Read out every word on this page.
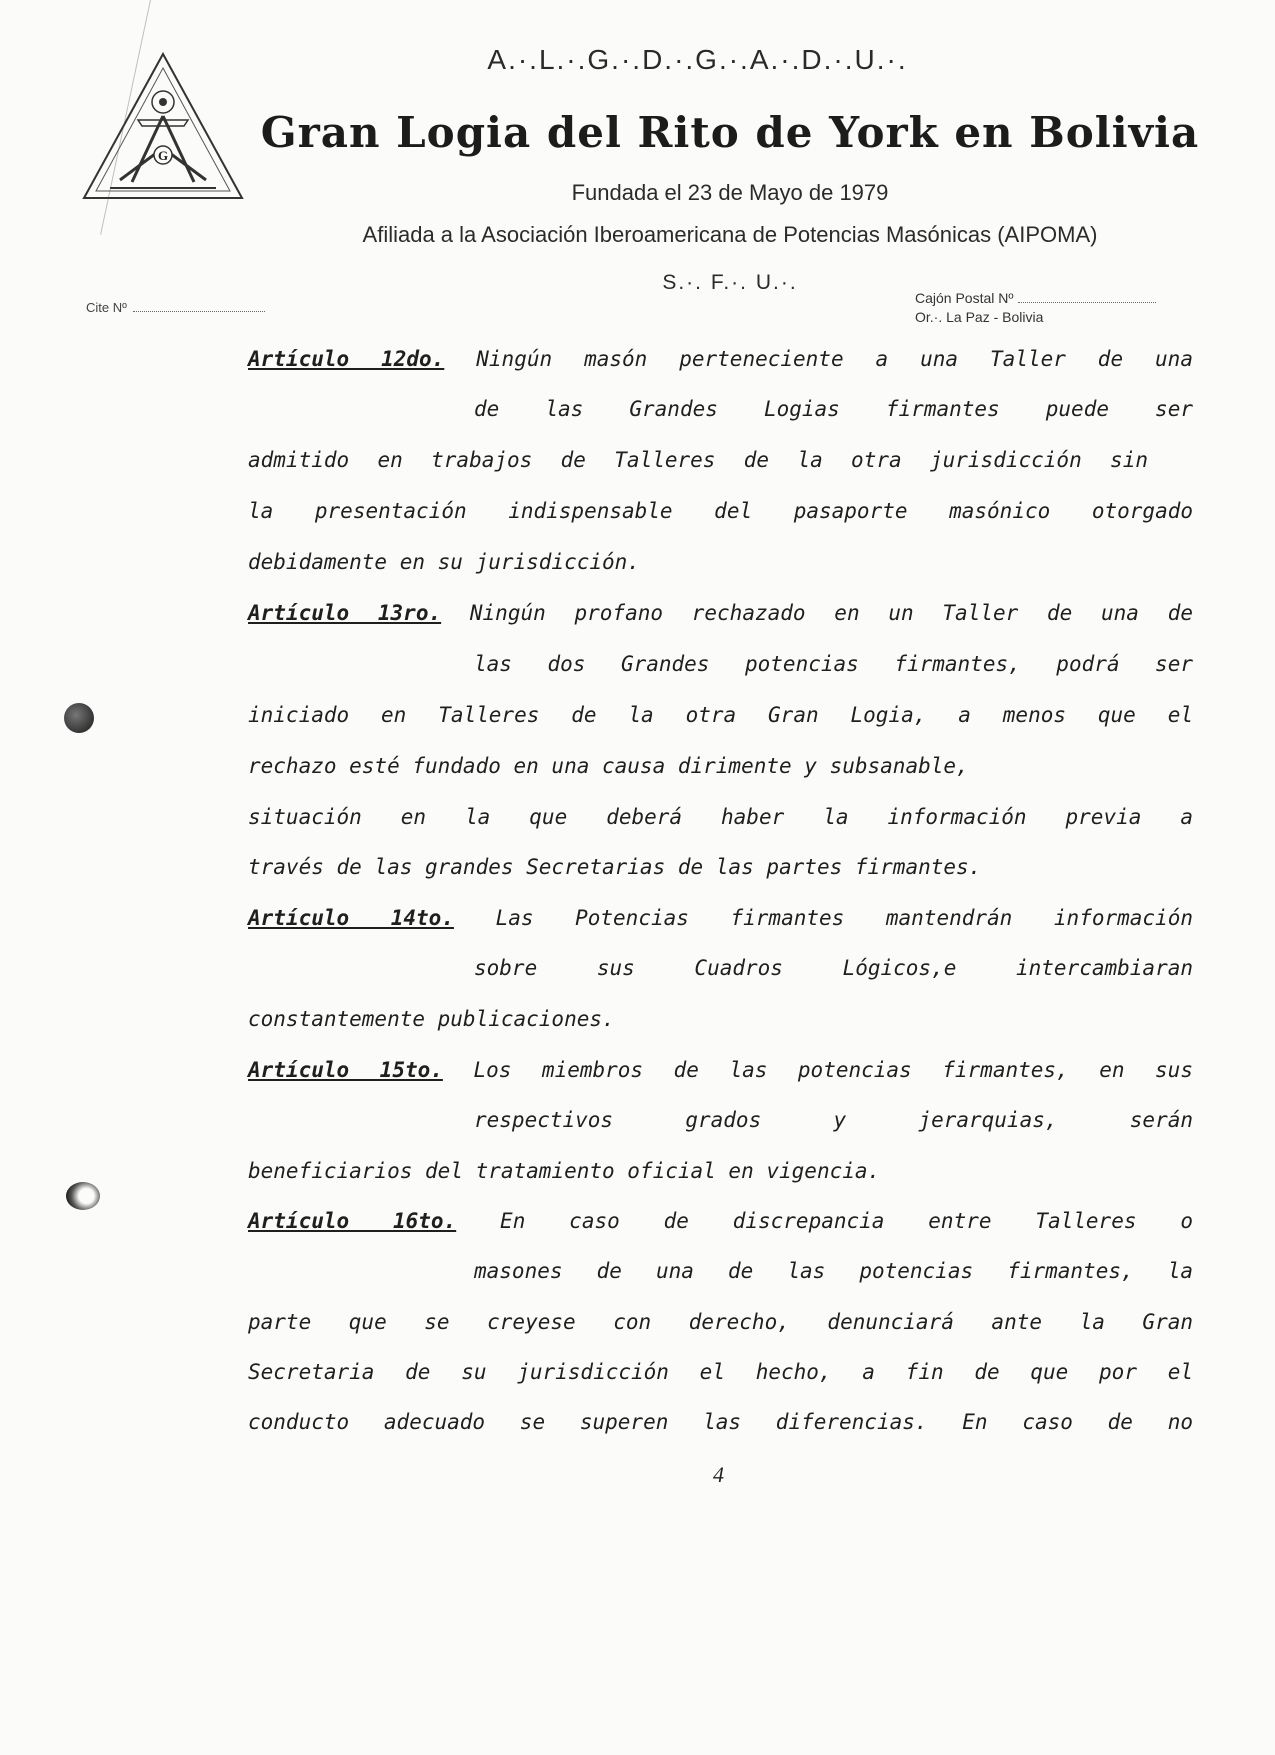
G
A.·.L.·.G.·.D.·.G.·.A.·.D.·.U.·.
Gran Logia del Rito de York en Bolivia
Fundada el 23 de Mayo de 1979
Afiliada a la Asociación Iberoamericana de Potencias Masónicas (AIPOMA)
S.·. F.·. U.·.
Cite Nº
Cajón Postal Nº
Or.·. La Paz - Bolivia
Artículo 12do. Ningún masón perteneciente a una Taller de una
de las Grandes Logias firmantes puede ser
admitido en trabajos de Talleres de la otra jurisdicción sin
la presentación indispensable del pasaporte masónico otorgado
debidamente en su jurisdicción.
Artículo 13ro. Ningún profano rechazado en un Taller de una de
las dos Grandes potencias firmantes, podrá ser
iniciado en Talleres de la otra Gran Logia, a menos que el
rechazo esté fundado en una causa dirimente y subsanable,
situación en la que deberá haber la información previa a
través de las grandes Secretarias de las partes firmantes.
Artículo 14to. Las Potencias firmantes mantendrán información
sobre sus Cuadros Lógicos,e intercambiaran
constantemente publicaciones.
Artículo 15to. Los miembros de las potencias firmantes, en sus
respectivos grados y jerarquias, serán
beneficiarios del tratamiento oficial en vigencia.
Artículo 16to. En caso de discrepancia entre Talleres o
masones de una de las potencias firmantes, la
parte que se creyese con derecho, denunciará ante la Gran
Secretaria de su jurisdicción el hecho, a fin de que por el
conducto adecuado se superen las diferencias. En caso de no
4
